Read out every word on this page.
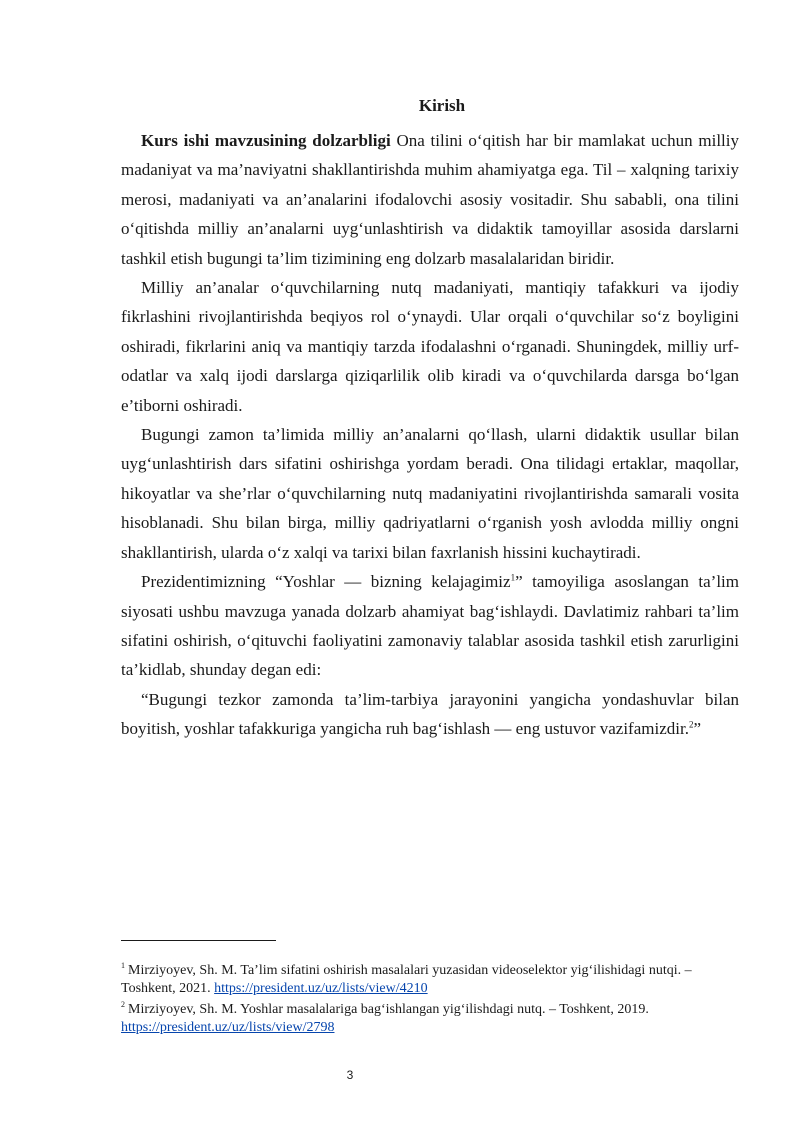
Kirish

Kurs ishi mavzusining dolzarbligi Ona tilini o‘qitish har bir mamlakat uchun milliy madaniyat va ma’naviyatni shakllantirishda muhim ahamiyatga ega. Til – xalqning tarixiy merosi, madaniyati va an’analarini ifodalovchi asosiy vositadir. Shu sababli, ona tilini o‘qitishda milliy an’analarni uyg‘unlashtirish va didaktik tamoyillar asosida darslarni tashkil etish bugungi ta’lim tizimining eng dolzarb masalalaridan biridir.

Milliy an’analar o‘quvchilarning nutq madaniyati, mantiqiy tafakkuri va ijodiy fikrlashini rivojlantirishda beqiyos rol o‘ynaydi. Ular orqali o‘quvchilar so‘z boyligini oshiradi, fikrlarini aniq va mantiqiy tarzda ifodalashni o‘rganadi. Shuningdek, milliy urf-odatlar va xalq ijodi darslarga qiziqarlilik olib kiradi va o‘quvchilarda darsga bo‘lgan e’tiborni oshiradi.

Bugungi zamon ta’limida milliy an’analarni qo‘llash, ularni didaktik usullar bilan uyg‘unlashtirish dars sifatini oshirishga yordam beradi. Ona tilidagi ertaklar, maqollar, hikoyatlar va she’rlar o‘quvchilarning nutq madaniyatini rivojlantirishda samarali vosita hisoblanadi. Shu bilan birga, milliy qadriyatlarni o‘rganish yosh avlodda milliy ongni shakllantirish, ularda o‘z xalqi va tarixi bilan faxrlanish hissini kuchaytiradi.

Prezidentimizning “Yoshlar — bizning kelajagimiz$^1$” tamoyiliga asoslangan ta’lim siyosati ushbu mavzuga yanada dolzarb ahamiyat bag‘ishlaydi. Davlatimiz rahbari ta’lim sifatini oshirish, o‘qituvchi faoliyatini zamonaviy talablar asosida tashkil etish zarurligini ta’kidlab, shunday degan edi:

“Bugungi tezkor zamonda ta’lim-tarbiya jarayonini yangicha yondashuvlar bilan boyitish, yoshlar tafakkuriga yangicha ruh bag‘ishlash — eng ustuvor vazifamizdir.$^2$”

$^1$ Mirziyoyev, Sh. M. Ta’lim sifatini oshirish masalalari yuzasidan videoselektor yig‘ilishidagi nutqi. – Toshkent, 2021. https://president.uz/uz/lists/view/4210

$^2$ Mirziyoyev, Sh. M. Yoshlar masalalariga bag‘ishlangan yig‘ilishdagi nutq. – Toshkent, 2019. https://president.uz/uz/lists/view/2798

3
